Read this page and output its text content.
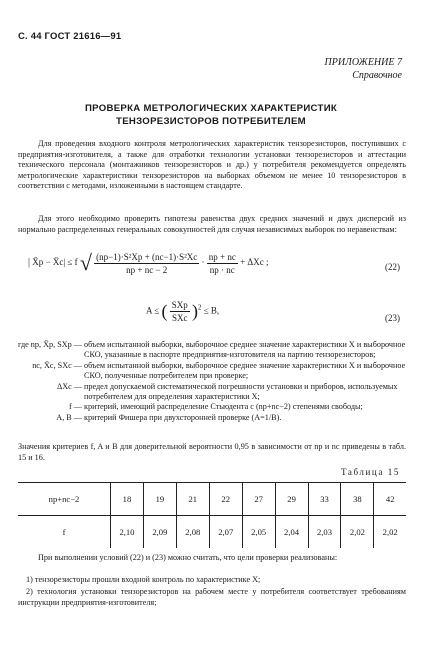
С. 44 ГОСТ 21616—91
ПРИЛОЖЕНИЕ 7
Справочное
ПРОВЕРКА МЕТРОЛОГИЧЕСКИХ ХАРАКТЕРИСТИК
ТЕНЗОРЕЗИСТОРОВ ПОТРЕБИТЕЛЕМ
Для проведения входного контроля метрологических характеристик тензорезисторов, поступивших с предприятия-изготовителя, а также для отработки технологии установки тензорезисторов и аттестации технического персонала (монтажников тензорезисторов и др.) у потребителя рекомендуется определять метрологические характеристики тензорезисторов на выборках объемом не менее 10 тензорезисторов в соответствии с методами, изложенными в настоящем стандарте.
Для этого необходимо проверить гипотезы равенства двух средних значений и двух дисперсий из нормально распределенных генеральных совокупностей для случая независимых выборок по неравенствам:
| X̄p − X̄c| ≤ f √ $\frac{\text{(np−1)·S²Xp + (nc−1)·S²Xc}}{np + nc - 2} \cdot \frac{np + nc}{np \cdot nc} + \Delta Xc$ ;	(22)
A ≤ ( $\frac{\text{SXp}}{\text{SXc}} )^2 \le B$,
(23)
где np, X̄p, SXp — объем испытанной выборки, выборочное среднее значение характеристики X и выборочное СКО, указанные в паспорте предприятия-изготовителя на партию тензорезисторов;
nc, X̄c, SXc — объем испытанной выборки, выборочное среднее значение характеристики X и выборочное СКО, полученные потребителем при проверке;
ΔXc — предел допускаемой систематической погрешности установки и приборов, используемых потребителем для определения характеристики X;
f — критерий, имеющий распределение Стьюдента с (np+nc−2) степенями свободы;
A, B — критерий Фишера при двухсторонней проверке (A=1/B).
Значения критериев f, A и B для доверительной вероятности 0,95 в зависимости от np и nc приведены в табл. 15 и 16.
Таблица 15
np+nc−2	18	19	21	22	27	29	33	38	42
f	2,10	2,09	2,08	2,07	2,05	2,04	2,03	2,02	2,02
При выполнении условий (22) и (23) можно считать, что цели проверки реализованы:
1) тензорезисторы прошли входной контроль по характеристике X;
2) технология установки тензорезисторов на рабочем месте у потребителя соответствует требованиям инструкции предприятия-изготовителя;
